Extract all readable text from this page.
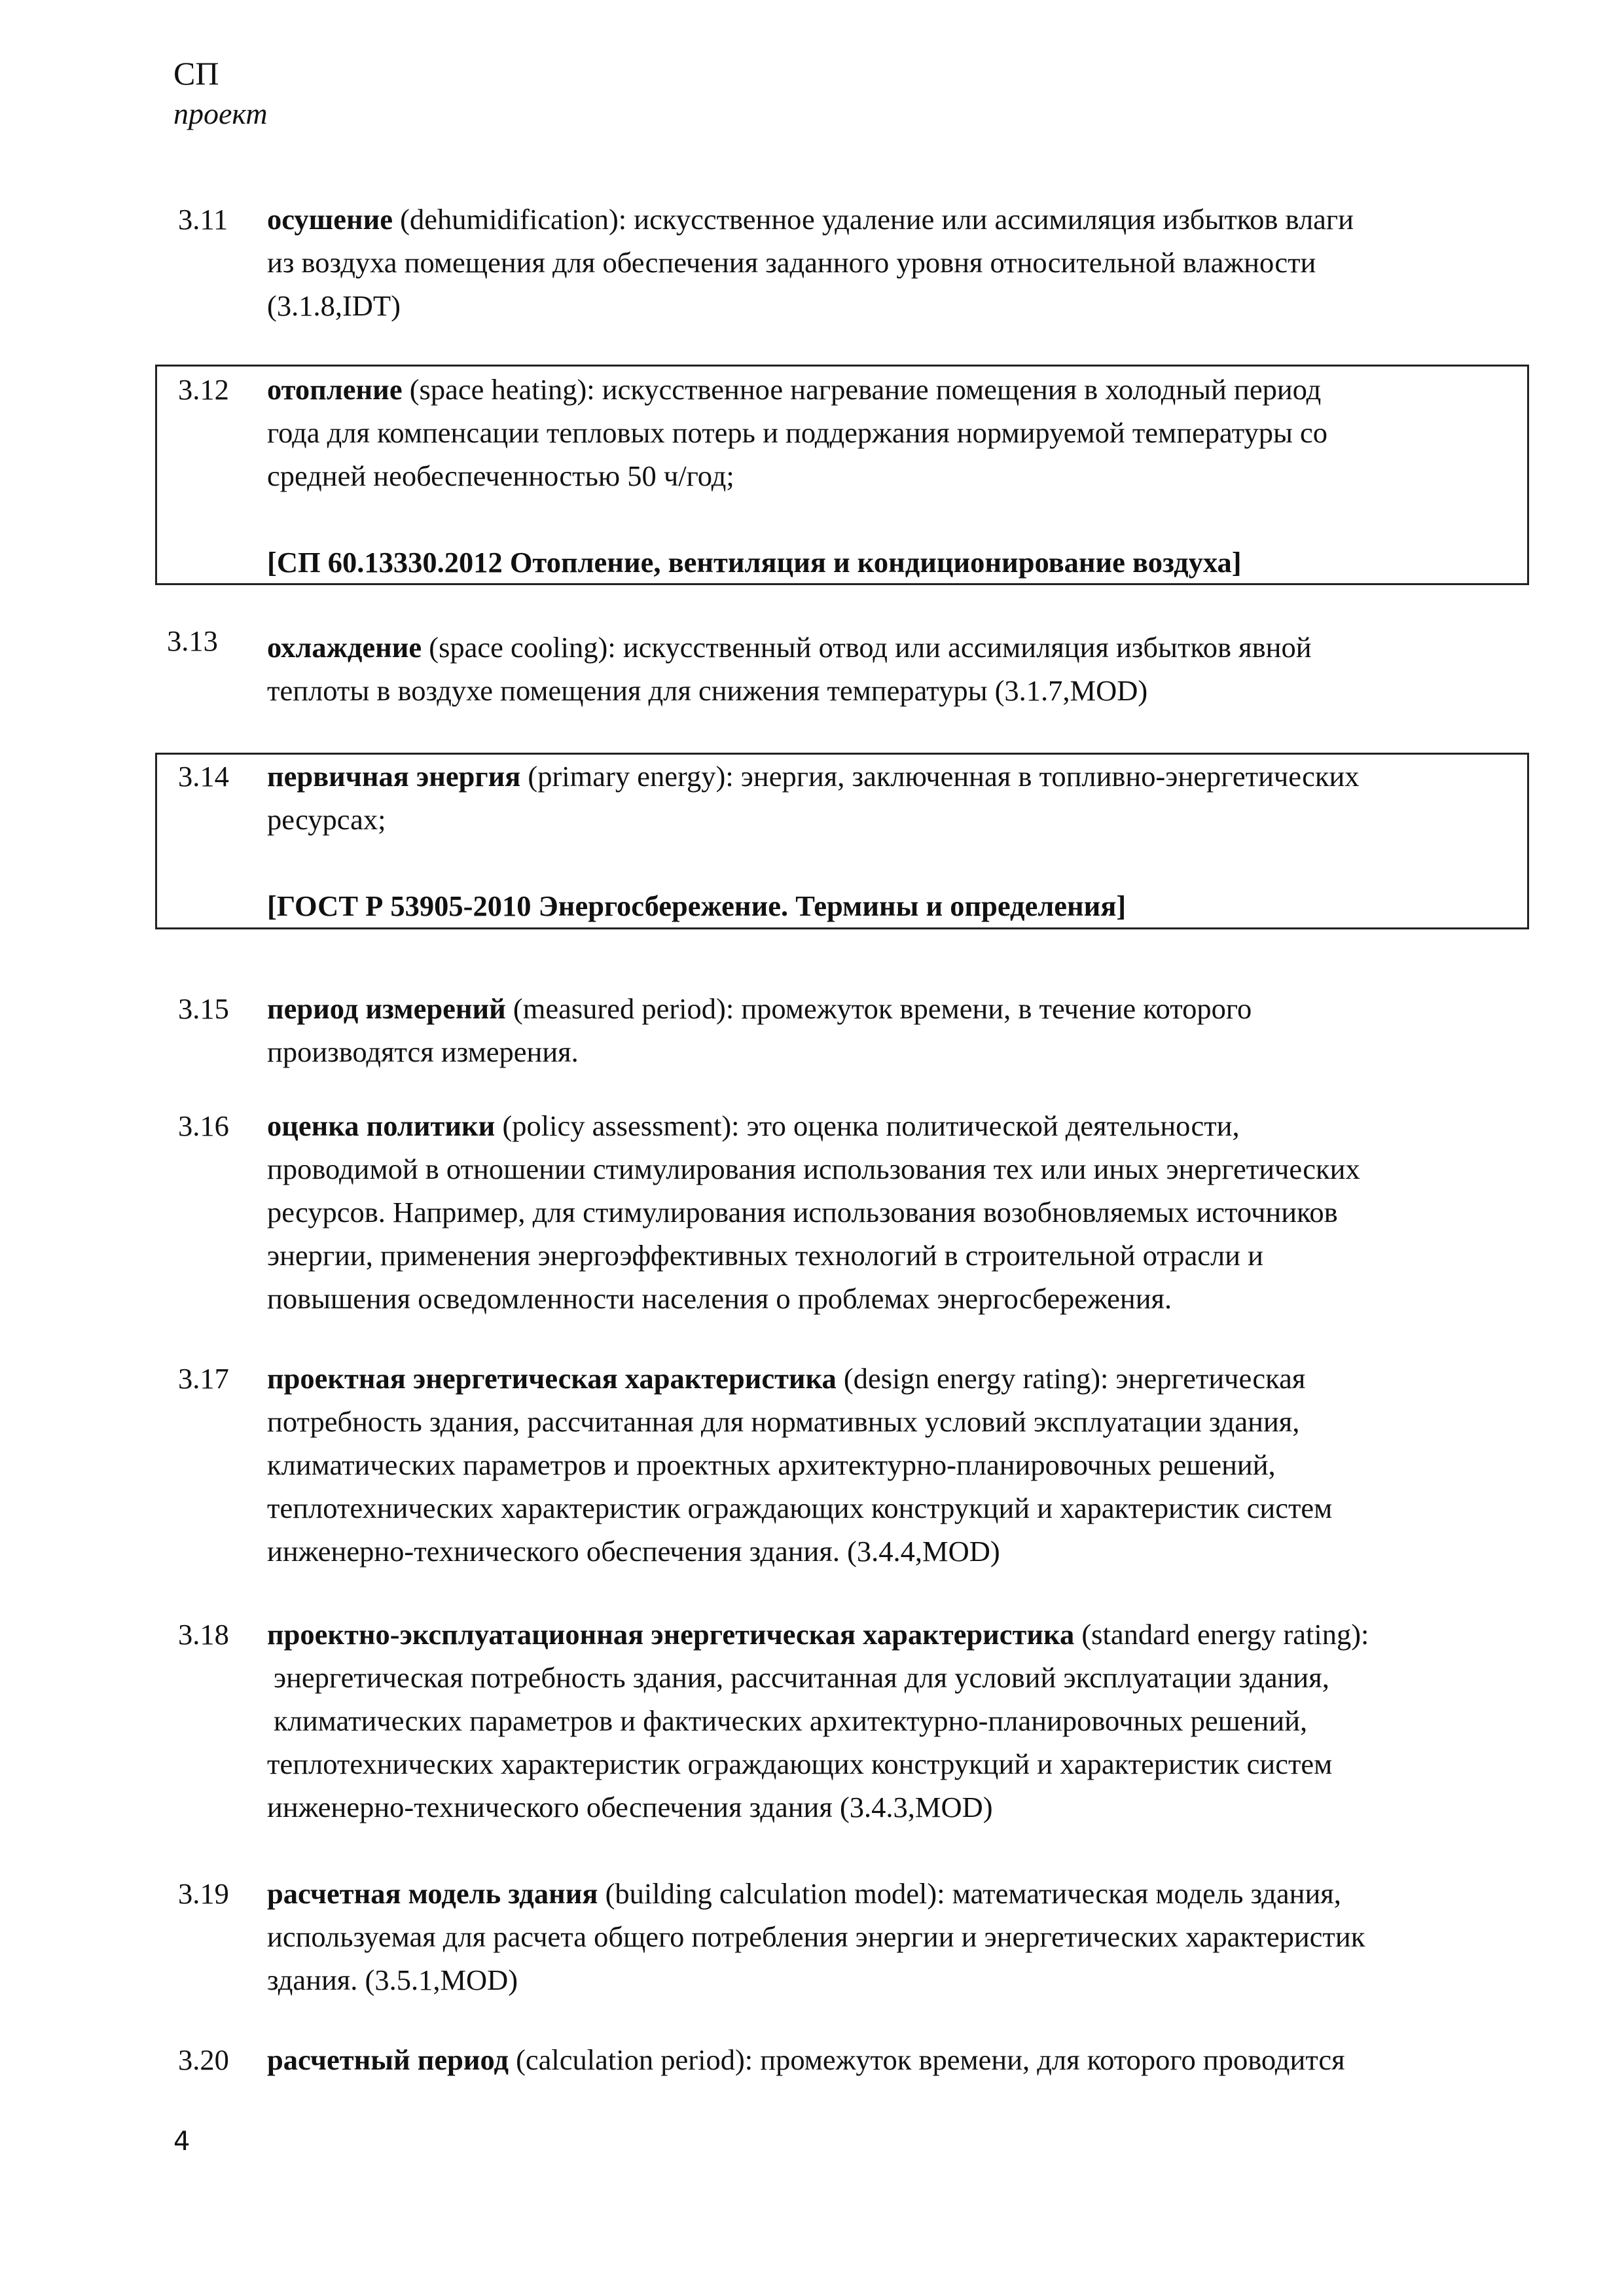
СП
проект
3.11 осушение (dehumidification): искусственное удаление или ассимиляция избытков влаги
из воздуха помещения для обеспечения заданного уровня относительной влажности
(3.1.8,IDT)
3.12 отопление (space heating): искусственное нагревание помещения в холодный период
года для компенсации тепловых потерь и поддержания нормируемой температуры со
средней необеспеченностью 50 ч/год;
[СП 60.13330.2012 Отопление, вентиляция и кондиционирование воздуха]
3.13 охлаждение (space cooling): искусственный отвод или ассимиляция избытков явной
теплоты в воздухе помещения для снижения температуры (3.1.7,MOD)
3.14 первичная энергия (primary energy): энергия, заключенная в топливно-энергетических
ресурсах;
[ГОСТ Р 53905-2010 Энергосбережение. Термины и определения]
3.15 период измерений (measured period): промежуток времени, в течение которого
производятся измерения.
3.16 оценка политики (policy assessment): это оценка политической деятельности,
проводимой в отношении стимулирования использования тех или иных энергетических
ресурсов. Например, для стимулирования использования возобновляемых источников
энергии, применения энергоэффективных технологий в строительной отрасли и
повышения осведомленности населения о проблемах энергосбережения.
3.17 проектная энергетическая характеристика (design energy rating): энергетическая
потребность здания, рассчитанная для нормативных условий эксплуатации здания,
климатических параметров и проектных архитектурно-планировочных решений,
теплотехнических характеристик ограждающих конструкций и характеристик систем
инженерно-технического обеспечения здания. (3.4.4,MOD)
3.18 проектно-эксплуатационная энергетическая характеристика (standard energy rating):
энергетическая потребность здания, рассчитанная для условий эксплуатации здания,
климатических параметров и фактических архитектурно-планировочных решений,
теплотехнических характеристик ограждающих конструкций и характеристик систем
инженерно-технического обеспечения здания (3.4.3,MOD)
3.19 расчетная модель здания (building calculation model): математическая модель здания,
используемая для расчета общего потребления энергии и энергетических характеристик
здания. (3.5.1,MOD)
3.20 расчетный период (calculation period): промежуток времени, для которого проводится
4
